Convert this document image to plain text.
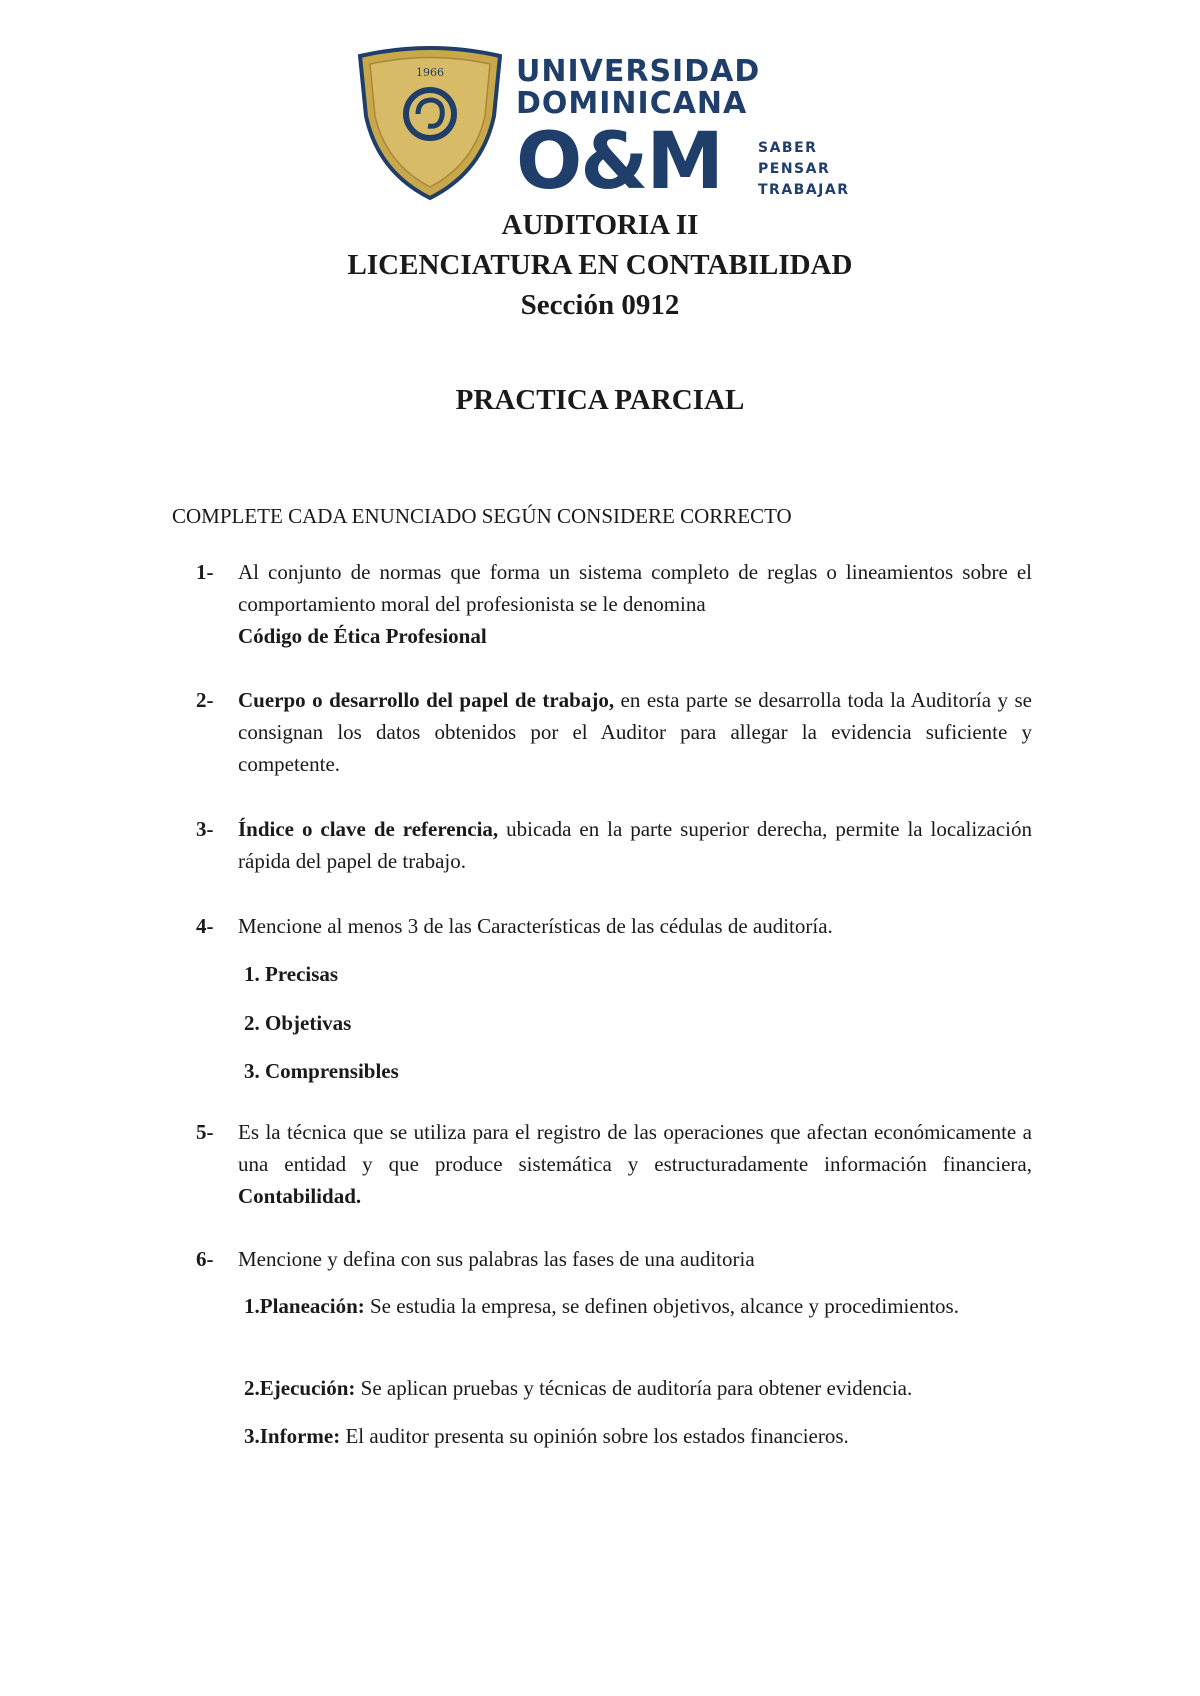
1966 UNIVERSIDAD
DOMINICANA
O&M	SABER
PENSAR
TRABAJAR
AUDITORIA II
LICENCIATURA EN CONTABILIDAD
Sección 0912
PRACTICA PARCIAL
COMPLETE CADA ENUNCIADO SEGÚN CONSIDERE CORRECTO
1- Al conjunto de normas que forma un sistema completo de reglas o lineamientos sobre el comportamiento moral del profesionista se le denomina
Código de Ética Profesional
2- Cuerpo o desarrollo del papel de trabajo, en esta parte se desarrolla toda la Auditoría y se consignan los datos obtenidos por el Auditor para allegar la evidencia suficiente y competente.
3- Índice o clave de referencia, ubicada en la parte superior derecha, permite la localización rápida del papel de trabajo.
4- Mencione al menos 3 de las Características de las cédulas de auditoría.
1. Precisas
2. Objetivas
3. Comprensibles
5- Es la técnica que se utiliza para el registro de las operaciones que afectan económicamente a una entidad y que produce sistemática y estructuradamente información financiera, Contabilidad.
6- Mencione y defina con sus palabras las fases de una auditoria
1.Planeación: Se estudia la empresa, se definen objetivos, alcance y procedimientos.
2.Ejecución: Se aplican pruebas y técnicas de auditoría para obtener evidencia.
3.Informe: El auditor presenta su opinión sobre los estados financieros.
